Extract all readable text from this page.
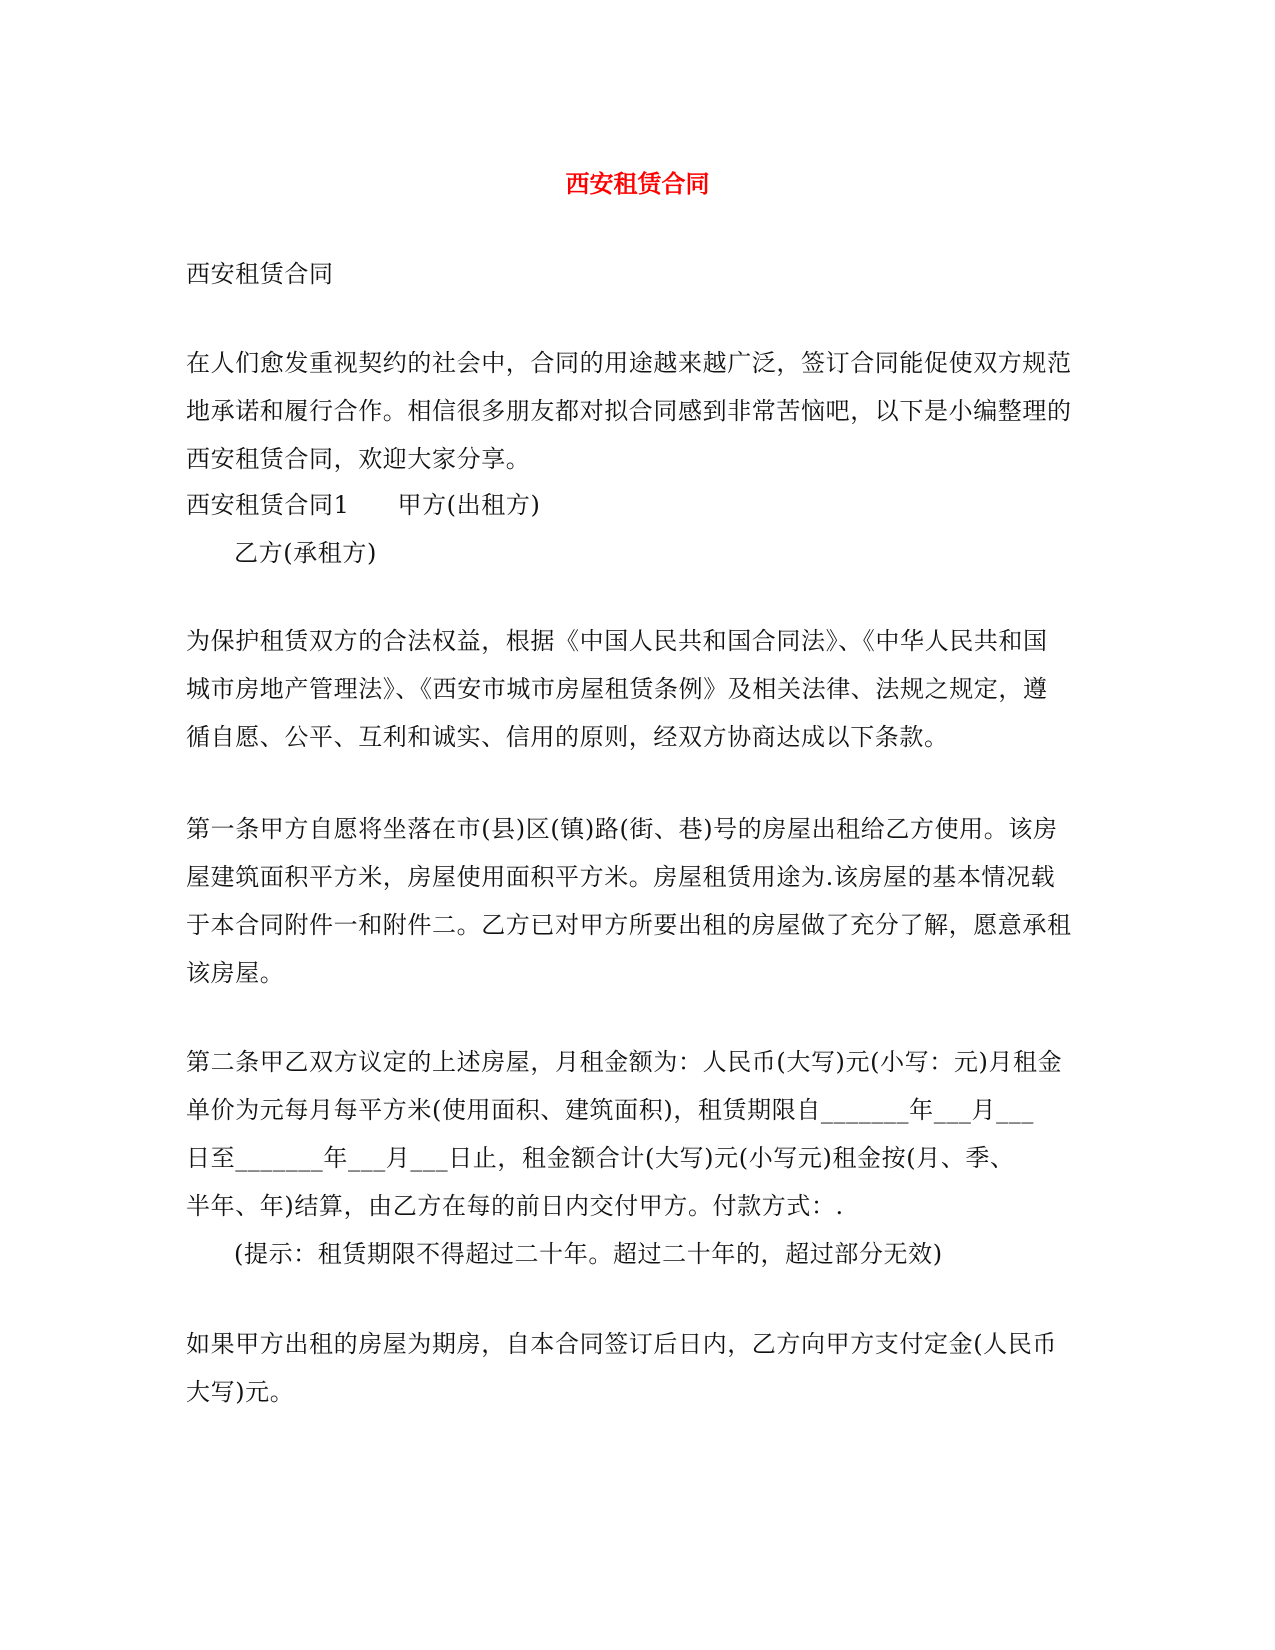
西安租赁合同
西安租赁合同
在人们愈发重视契约的社会中，合同的用途越来越广泛，签订合同能促使双方规范
地承诺和履行合作。相信很多朋友都对拟合同感到非常苦恼吧，以下是小编整理的
西安租赁合同，欢迎大家分享。
西安租赁合同1 甲方(出租方)
乙方(承租方)
为保护租赁双方的合法权益，根据《中国人民共和国合同法》、《中华人民共和国
城市房地产管理法》、《西安市城市房屋租赁条例》及相关法律、法规之规定，遵
循自愿、公平、互利和诚实、信用的原则，经双方协商达成以下条款。
第一条甲方自愿将坐落在市(县)区(镇)路(街、巷)号的房屋出租给乙方使用。该房
屋建筑面积平方米，房屋使用面积平方米。房屋租赁用途为.该房屋的基本情况载
于本合同附件一和附件二。乙方已对甲方所要出租的房屋做了充分了解，愿意承租
该房屋。
第二条甲乙双方议定的上述房屋，月租金额为：人民币(大写)元(小写：元)月租金
单价为元每月每平方米(使用面积、建筑面积)，租赁期限自_______年___月___
日至_______年___月___日止，租金额合计(大写)元(小写元)租金按(月、季、
半年、年)结算，由乙方在每的前日内交付甲方。付款方式：.
(提示：租赁期限不得超过二十年。超过二十年的，超过部分无效)
如果甲方出租的房屋为期房，自本合同签订后日内，乙方向甲方支付定金(人民币
大写)元。
